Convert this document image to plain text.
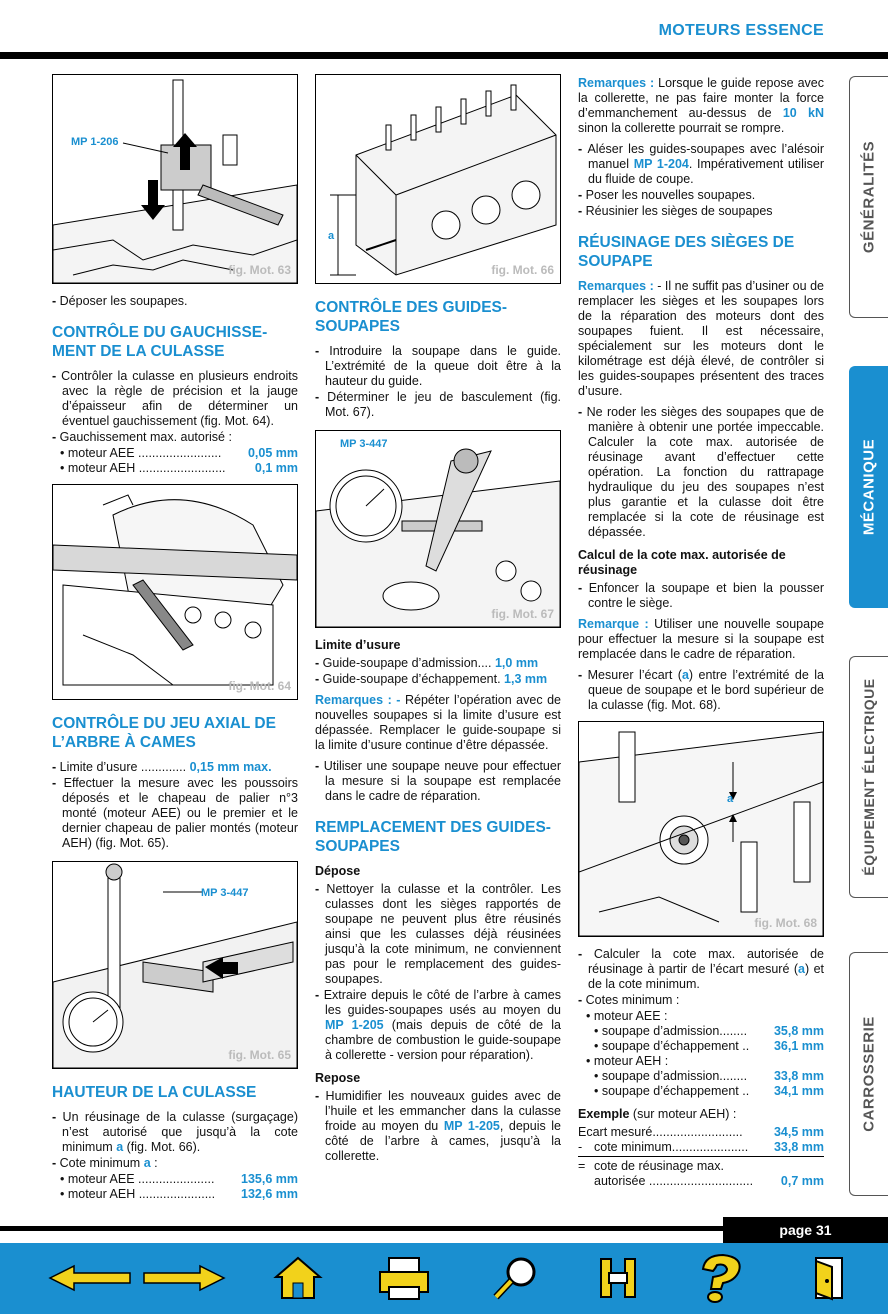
MOTEURS ESSENCE
MP 1-206
fig. Mot. 63
- Déposer les soupapes.
CONTRÔLE DU GAUCHISSE-MENT DE LA CULASSE
- Contrôler la culasse en plusieurs endroits avec la règle de précision et la jauge d’épaisseur afin de déterminer un éventuel gauchissement (fig. Mot. 64).
- Gauchissement max. autorisé :
• moteur AEE ........................ 0,05 mm
• moteur AEH ......................... 0,1 mm
fig. Mot. 64
CONTRÔLE DU JEU AXIAL DE L’ARBRE À CAMES
- Limite d’usure ............. 0,15 mm max.
- Effectuer la mesure avec les poussoirs déposés et le chapeau de palier n°3 monté (moteur AEE) ou le premier et le dernier chapeau de palier montés (moteur AEH) (fig. Mot. 65).
MP 3-447
fig. Mot. 65
HAUTEUR DE LA CULASSE
- Un réusinage de la culasse (surgaçage) n’est autorisé que jusqu’à la cote minimum a (fig. Mot. 66).
- Cote minimum a :
• moteur AEE ...................... 135,6 mm
• moteur AEH ...................... 132,6 mm
a
fig. Mot. 66
CONTRÔLE DES GUIDES-SOUPAPES
- Introduire la soupape dans le guide. L’extrémité de la queue doit être à la hauteur du guide.
- Déterminer le jeu de basculement (fig. Mot. 67).
MP 3-447
fig. Mot. 67
Limite d’usure
- Guide-soupape d’admission.... 1,0 mm
- Guide-soupape d’échappement. 1,3 mm
Remarques : - Répéter l’opération avec de nouvelles soupapes si la limite d’usure est dépassée. Remplacer le guide-soupape si la limite d’usure continue d’être dépassée.
- Utiliser une soupape neuve pour effectuer la mesure si la soupape est remplacée dans le cadre de réparation.
REMPLACEMENT DES GUIDES-SOUPAPES
Dépose
- Nettoyer la culasse et la contrôler. Les culasses dont les sièges rapportés de soupape ne peuvent plus être réusinés ainsi que les culasses déjà réusinées jusqu’à la cote minimum, ne conviennent pas pour le remplacement des guides-soupapes.
- Extraire depuis le côté de l’arbre à cames les guides-soupapes usés au moyen du MP 1-205 (mais depuis de côté de la chambre de combustion le guide-soupape à collerette - version pour réparation).
Repose
- Humidifier les nouveaux guides avec de l’huile et les emmancher dans la culasse froide au moyen du MP 1-205, depuis le côté de l’arbre à cames, jusqu’à la collerette.
Remarques : Lorsque le guide repose avec la collerette, ne pas faire monter la force d’emmanchement au-dessus de 10 kN sinon la collerette pourrait se rompre.
- Aléser les guides-soupapes avec l’alésoir manuel MP 1-204. Impérativement utiliser du fluide de coupe.
- Poser les nouvelles soupapes.
- Réusinier les sièges de soupapes
RÉUSINAGE DES SIÈGES DE SOUPAPE
Remarques : - Il ne suffit pas d’usiner ou de remplacer les sièges et les soupapes lors de la réparation des moteurs dont des soupapes fuient. Il est nécessaire, spécialement sur les moteurs dont le kilométrage est déjà élevé, de contrôler si les guides-soupapes présentent des traces d’usure.
- Ne roder les sièges des soupapes que de manière à obtenir une portée impeccable. Calculer la cote max. autorisée de réusinage avant d’effectuer cette opération. La fonction du rattrapage hydraulique du jeu des soupapes n’est plus garantie et la culasse doit être remplacée si la cote de réusinage est dépassée.
Calcul de la cote max. autorisée de réusinage
- Enfoncer la soupape et bien la pousser contre le siège.
Remarque : Utiliser une nouvelle soupape pour effectuer la mesure si la soupape est remplacée dans le cadre de réparation.
- Mesurer l’écart (a) entre l’extrémité de la queue de soupape et le bord supérieur de la culasse (fig. Mot. 68).
a
fig. Mot. 68
- Calculer la cote max. autorisée de réusinage à partir de l’écart mesuré (a) et de la cote minimum.
- Cotes minimum :
• moteur AEE :
• soupape d’admission........ 35,8 mm
• soupape d’échappement .. 36,1 mm
• moteur AEH :
• soupape d’admission........ 33,8 mm
• soupape d’échappement .. 34,1 mm
Exemple (sur moteur AEH) :
Ecart mesuré..........................	34,5 mm
- cote minimum...................... 33,8 mm
= cote de réusinage max.
autorisée .............................. 0,7 mm
GÉNÉRALITÉS
MÉCANIQUE
ÉQUIPEMENT ÉLECTRIQUE
CARROSSERIE
page 31
